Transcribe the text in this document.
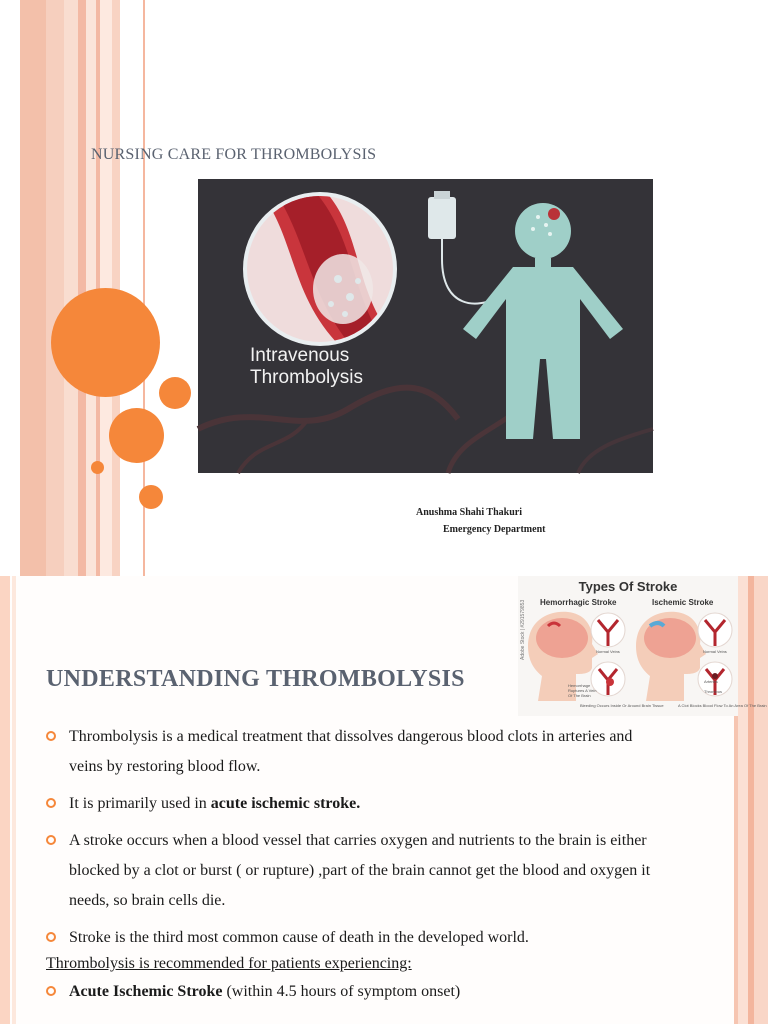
NURSING CARE FOR THROMBOLYSIS
Intravenous
Thrombolysis
Anushma Shahi Thakuri
Emergency Department
Types Of Stroke
Hemorrhagic Stroke	Ischemic Stroke
Normal Veins	Normal Veins
Arteries
Thrombus
Bleeding Occurs Inside Or Around Brain Tissue	A Clot Blocks Blood Flow To An Area Of The Brain
Hemorrhage Ruptures A Vein Of The Brain
Adobe Stock | #291579853
UNDERSTANDING THROMBOLYSIS
Thrombolysis is a medical treatment that dissolves dangerous blood clots in arteries and veins by restoring blood flow.
It is primarily used in acute ischemic stroke.
A stroke occurs when a blood vessel that carries oxygen and nutrients to the brain is either blocked by a clot or burst ( or rupture) ,part of the brain cannot get the blood and oxygen it needs, so brain cells die.
Stroke is the third most common cause of death in the developed world.
Thrombolysis is recommended for patients experiencing:
Acute Ischemic Stroke (within 4.5 hours of symptom onset)
